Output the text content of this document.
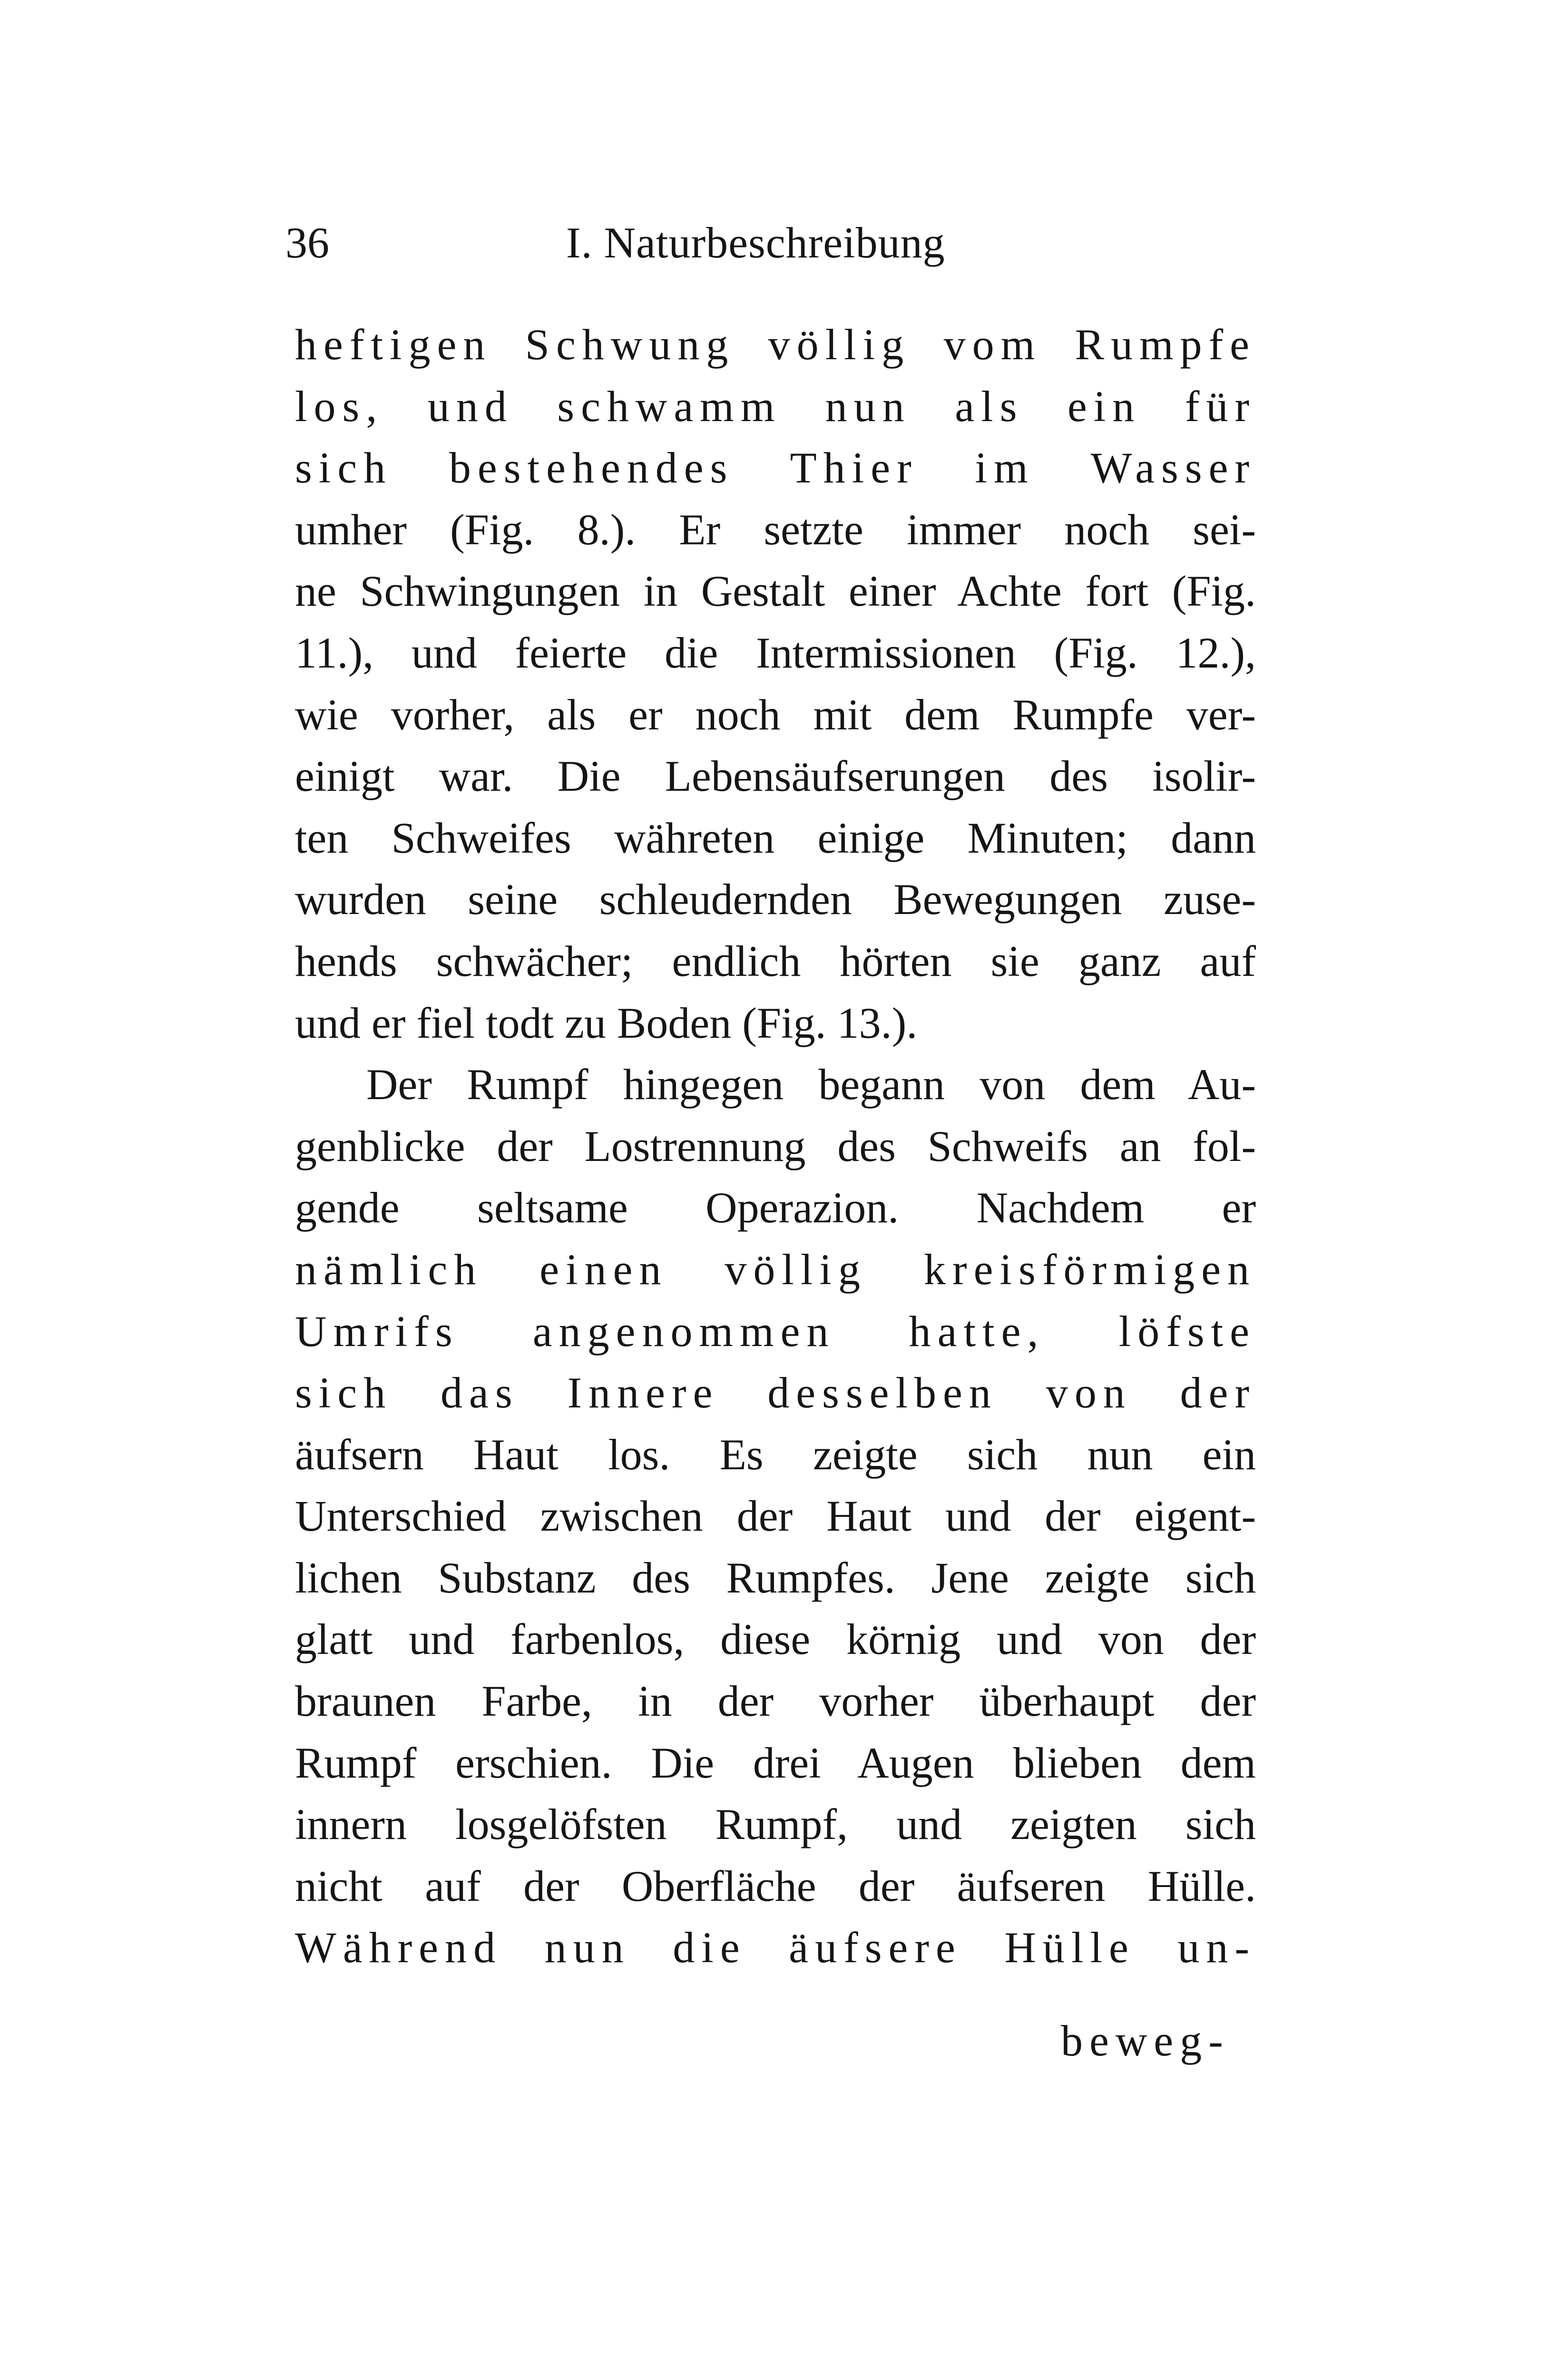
36	I. Naturbeschreibung
heftigen Schwung völlig vom Rumpfe
los, und schwamm nun als ein für
sich bestehendes Thier im Wasser
umher (Fig. 8.). Er setzte immer noch sei-
ne Schwingungen in Gestalt einer Achte fort (Fig.
11.), und feierte die Intermissionen (Fig. 12.),
wie vorher, als er noch mit dem Rumpfe ver-
einigt war. Die Lebensäufserungen des isolir-
ten Schweifes währeten einige Minuten; dann
wurden seine schleudernden Bewegungen zuse-
hends schwächer; endlich hörten sie ganz auf
und er fiel todt zu Boden (Fig. 13.).
Der Rumpf hingegen begann von dem Au-
genblicke der Lostrennung des Schweifs an fol-
gende seltsame Operazion. Nachdem er
nämlich einen völlig kreisförmigen
Umrifs angenommen hatte, löfste
sich das Innere desselben von der
äufsern Haut los. Es zeigte sich nun ein
Unterschied zwischen der Haut und der eigent-
lichen Substanz des Rumpfes. Jene zeigte sich
glatt und farbenlos, diese körnig und von der
braunen Farbe, in der vorher überhaupt der
Rumpf erschien. Die drei Augen blieben dem
innern losgelöfsten Rumpf, und zeigten sich
nicht auf der Oberfläche der äufseren Hülle.
Während nun die äufsere Hülle un-
beweg-
